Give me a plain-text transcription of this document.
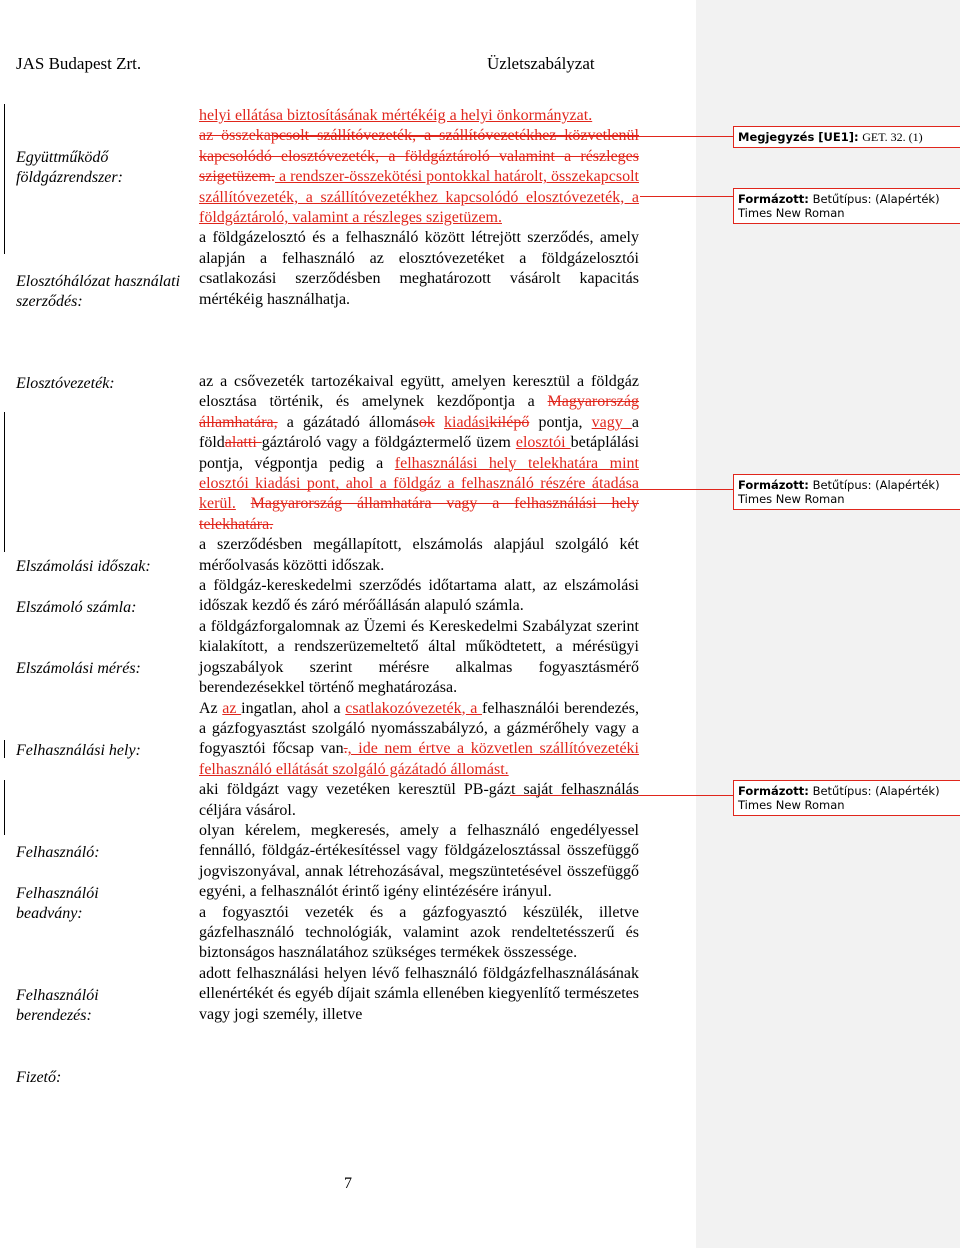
JAS Budapest Zrt.	Üzletszabályzat
Együttműködő földgázrendszer:
Elosztóhálózat használati szerződés:
Elosztóvezeték:
Elszámolási időszak:
Elszámoló számla:
Elszámolási mérés:
Felhasználási hely:
Felhasználó:
Felhasználói beadvány:
Felhasználói berendezés:
Fizető:

helyi ellátása biztosításának mértékéig a helyi önkormányzat.

az összekapcsolt szállítóvezeték, a szállítóvezetékhez közvetlenül kapcsolódó elosztóvezeték, a földgáztároló valamint a részleges szigetüzem. a rendszer-összekötési pontokkal határolt, összekapcsolt szállítóvezeték, a szállítóvezetékhez kapcsolódó elosztóvezeték, a földgáztároló, valamint a részleges szigetüzem.

a földgázelosztó és a felhasználó között létrejött szerződés, amely alapján a felhasználó az elosztóvezetéket a földgázelosztói csatlakozási szerződésben meghatározott vásárolt kapacitás mértékéig használhatja.

az a csővezeték tartozékaival együtt, amelyen keresztül a földgáz elosztása történik, és amelynek kezdőpontja a Magyarország államhatára, a gázátadó állomások kiadásikilépő pontja, vagy a földalatti gáztároló vagy a földgáztermelő üzem elosztói betáplálási pontja, végpontja pedig a felhasználási hely telekhatára mint elosztói kiadási pont, ahol a földgáz a felhasználó részére átadása kerül. Magyarország államhatára vagy a felhasználási hely telekhatára.

a szerződésben megállapított, elszámolás alapjául szolgáló két mérőolvasás közötti időszak.

a földgáz-kereskedelmi szerződés időtartama alatt, az elszámolási időszak kezdő és záró mérőállásán alapuló számla.

a földgázforgalomnak az Üzemi és Kereskedelmi Szabályzat szerint kialakított, a rendszerüzemeltető által működtetett, a mérésügyi jogszabályok szerint mérésre alkalmas fogyasztásmérő berendezésekkel történő meghatározása.

Az az ingatlan, ahol a csatlakozóvezeték, a felhasználói berendezés, a gázfogyasztást szolgáló nyomásszabályzó, a gázmérőhely vagy a fogyasztói főcsap van., ide nem értve a közvetlen szállítóvezetéki felhasználó ellátását szolgáló gázátadó állomást.

aki földgázt vagy vezetéken keresztül PB-gázt saját felhasználás céljára vásárol.

olyan kérelem, megkeresés, amely a felhasználó engedélyessel fennálló, földgáz-értékesítéssel vagy földgázelosztással összefüggő jogviszonyával, annak létrehozásával, megszüntetésével összefüggő egyéni, a felhasználót érintő igény elintézésére irányul.

a fogyasztói vezeték és a gázfogyasztó készülék, illetve gázfelhasználó technológiák, valamint azok rendeltetésszerű és biztonságos használatához szükséges termékek összessége.

adott felhasználási helyen lévő felhasználó földgázfelhasználásának ellenértékét és egyéb díjait számla ellenében kiegyenlítő természetes vagy jogi személy, illetve

Megjegyzés [UE1]: GET. 32. (1)
Formázott: Betűtípus: (Alapérték) Times New Roman
Formázott: Betűtípus: (Alapérték) Times New Roman
Formázott: Betűtípus: (Alapérték) Times New Roman
7
